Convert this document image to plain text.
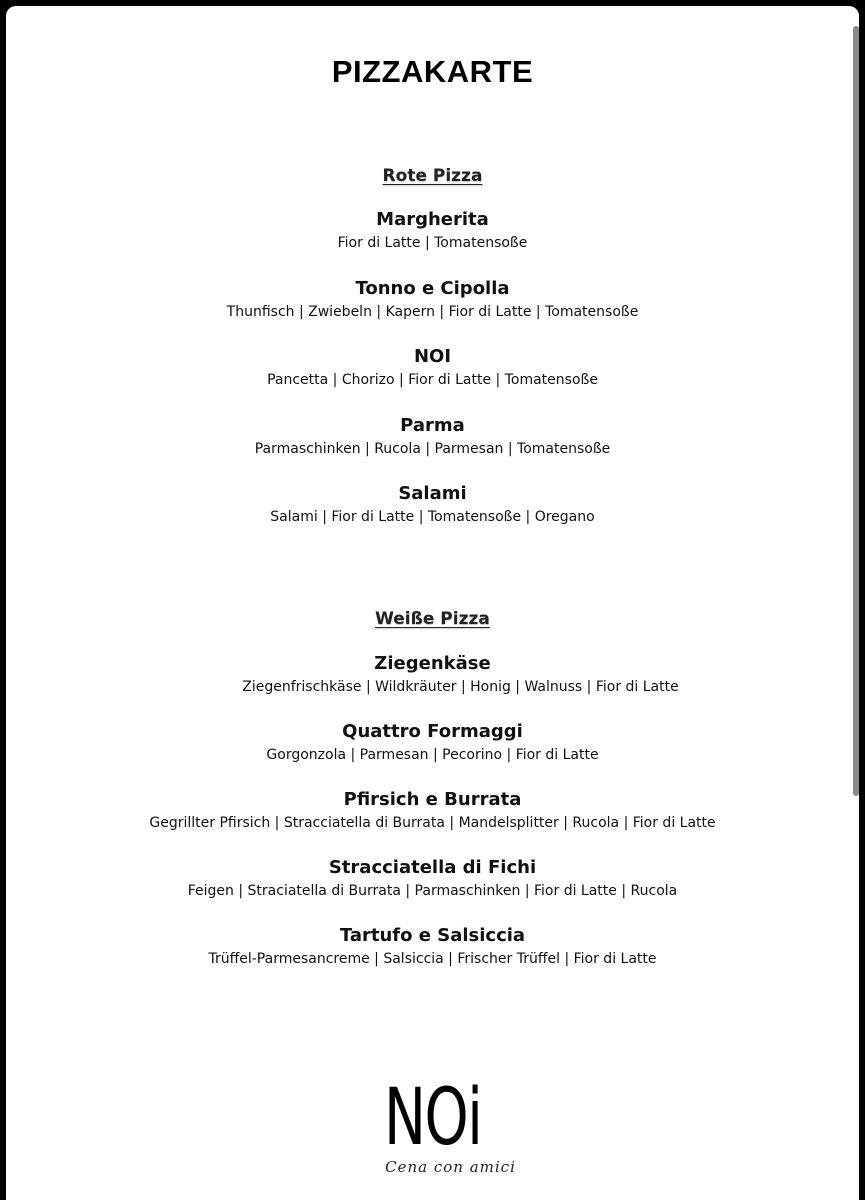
PIZZAKARTE
Rote Pizza
Margherita
Fior di Latte | Tomatensoße
Tonno e Cipolla
Thunfisch | Zwiebeln | Kapern | Fior di Latte | Tomatensoße
NOI
Pancetta | Chorizo | Fior di Latte | Tomatensoße
Parma
Parmaschinken | Rucola | Parmesan | Tomatensoße
Salami
Salami | Fior di Latte | Tomatensoße | Oregano
Weiße Pizza
Ziegenkäse
Ziegenfrischkäse | Wildkräuter | Honig | Walnuss | Fior di Latte
Quattro Formaggi
Gorgonzola | Parmesan | Pecorino | Fior di Latte
Pfirsich e Burrata
Gegrillter Pfirsich | Stracciatella di Burrata | Mandelsplitter | Rucola | Fior di Latte
Stracciatella di Fichi
Feigen | Straciatella di Burrata | Parmaschinken | Fior di Latte | Rucola
Tartufo e Salsiccia
Trüffel-Parmesancreme | Salsiccia | Frischer Trüffel | Fior di Latte
NOi
Cena con amici
